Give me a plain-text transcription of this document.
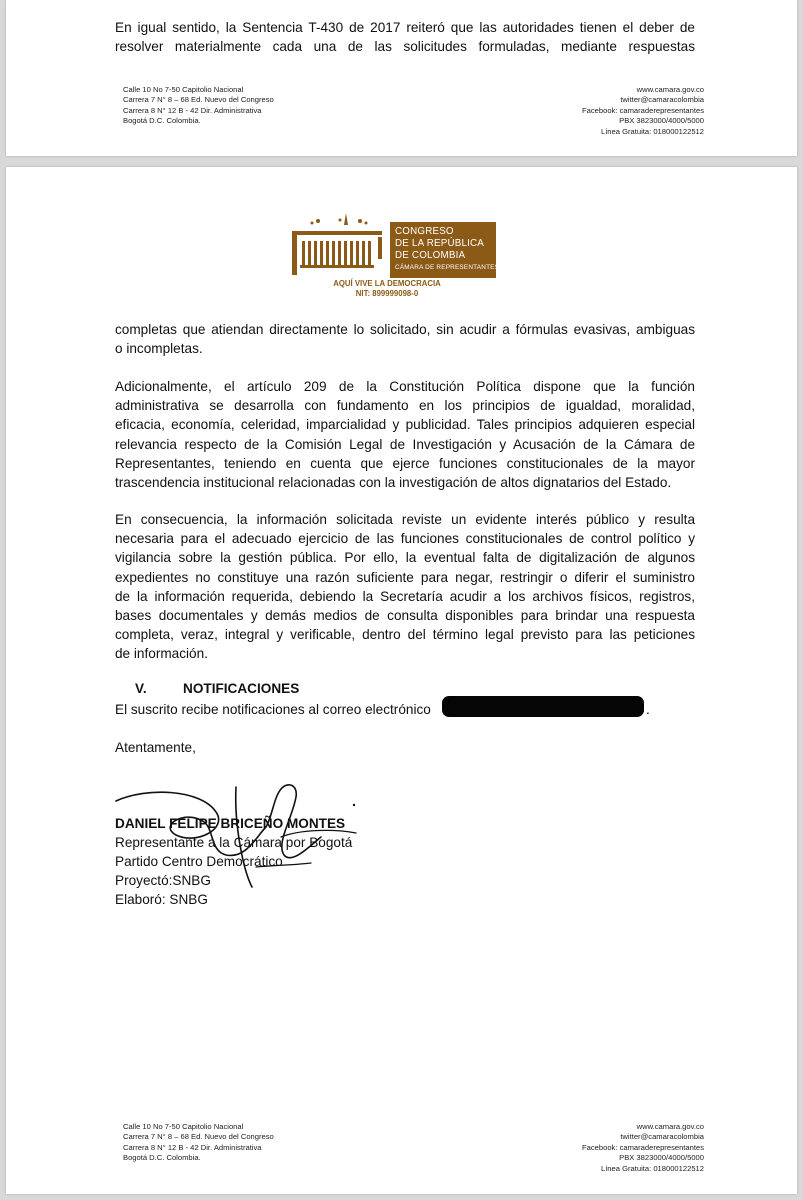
En igual sentido, la Sentencia T-430 de 2017 reiteró que las autoridades tienen el deber de
resolver materialmente cada una de las solicitudes formuladas, mediante respuestas
Calle 10 No 7-50 Capitolio Nacional
Carrera 7 N° 8 – 68 Ed. Nuevo del Congreso
Carrera 8 N° 12 B - 42 Dir. Administrativa
Bogotá D.C. Colombia.
www.camara.gov.co
twitter@camaracolombia
Facebook: camaraderepresentantes
PBX 3823000/4000/5000
Línea Gratuita: 018000122512
CONGRESO
DE LA REPÚBLICA
DE COLOMBIA
CÁMARA DE REPRESENTANTES
AQUÍ VIVE LA DEMOCRACIA
NIT: 899999098-0
completas que atiendan directamente lo solicitado, sin acudir a fórmulas evasivas, ambiguas
o incompletas.
Adicionalmente, el artículo 209 de la Constitución Política dispone que la función
administrativa se desarrolla con fundamento en los principios de igualdad, moralidad,
eficacia, economía, celeridad, imparcialidad y publicidad. Tales principios adquieren especial
relevancia respecto de la Comisión Legal de Investigación y Acusación de la Cámara de
Representantes, teniendo en cuenta que ejerce funciones constitucionales de la mayor
trascendencia institucional relacionadas con la investigación de altos dignatarios del Estado.
En consecuencia, la información solicitada reviste un evidente interés público y resulta
necesaria para el adecuado ejercicio de las funciones constitucionales de control político y
vigilancia sobre la gestión pública. Por ello, la eventual falta de digitalización de algunos
expedientes no constituye una razón suficiente para negar, restringir o diferir el suministro
de la información requerida, debiendo la Secretaría acudir a los archivos físicos, registros,
bases documentales y demás medios de consulta disponibles para brindar una respuesta
completa, veraz, integral y verificable, dentro del término legal previsto para las peticiones
de información.
V.	NOTIFICACIONES
El suscrito recibe notificaciones al correo electrónico	.
Atentamente,
DANIEL FELIPE BRICEÑO MONTES
Representante a la Cámara por Bogotá
Partido Centro Democrático
Proyectó:SNBG
Elaboró: SNBG
Calle 10 No 7-50 Capitolio Nacional
Carrera 7 N° 8 – 68 Ed. Nuevo del Congreso
Carrera 8 N° 12 B - 42 Dir. Administrativa
Bogotá D.C. Colombia.
www.camara.gov.co
twitter@camaracolombia
Facebook: camaraderepresentantes
PBX 3823000/4000/5000
Línea Gratuita: 018000122512
